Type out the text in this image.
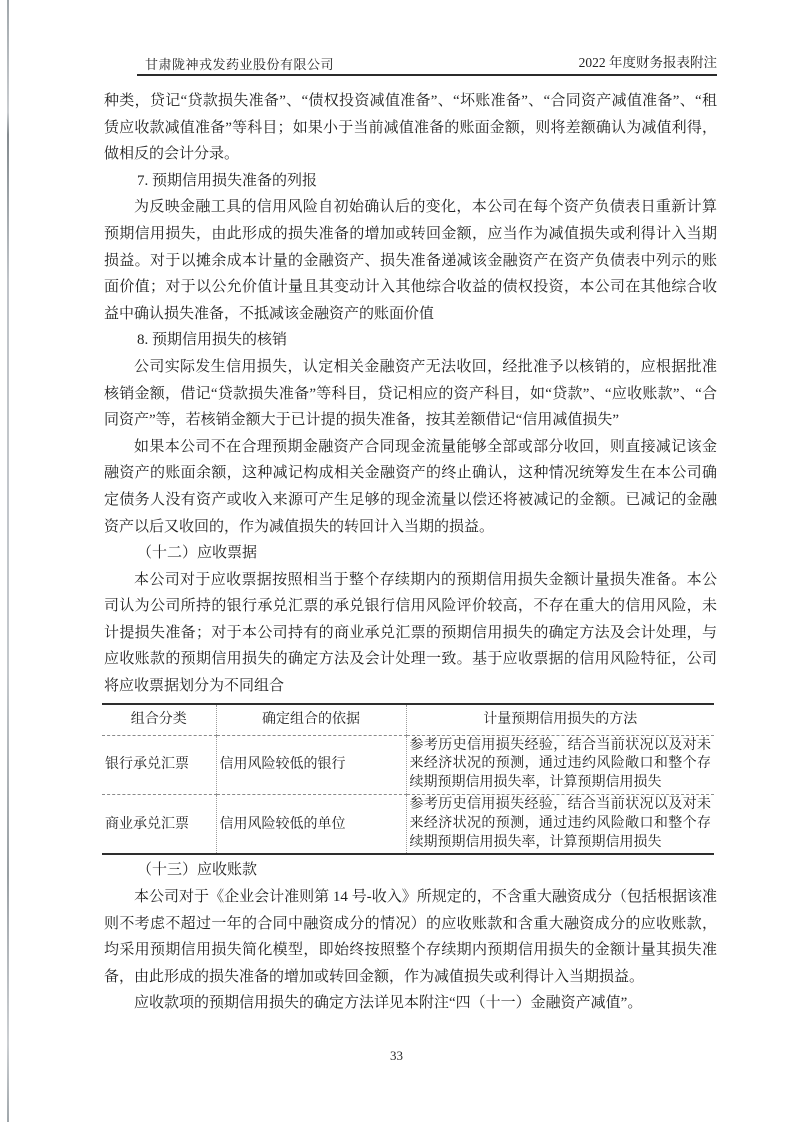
甘肃陇神戎发药业股份有限公司	2022 年度财务报表附注

种类，贷记“贷款损失准备”、“债权投资减值准备”、“坏账准备”、“合同资产减值准备”、“租赁应收款减值准备”等科目；如果小于当前减值准备的账面金额，则将差额确认为减值利得，做相反的会计分录。

7. 预期信用损失准备的列报

为反映金融工具的信用风险自初始确认后的变化，本公司在每个资产负债表日重新计算预期信用损失，由此形成的损失准备的增加或转回金额，应当作为减值损失或利得计入当期损益。对于以摊余成本计量的金融资产、损失准备递减该金融资产在资产负债表中列示的账面价值；对于以公允价值计量且其变动计入其他综合收益的债权投资，本公司在其他综合收益中确认损失准备，不抵减该金融资产的账面价值

8. 预期信用损失的核销

公司实际发生信用损失，认定相关金融资产无法收回，经批准予以核销的，应根据批准核销金额，借记“贷款损失准备”等科目，贷记相应的资产科目，如“贷款”、“应收账款”、“合同资产”等，若核销金额大于已计提的损失准备，按其差额借记“信用减值损失”

如果本公司不在合理预期金融资产合同现金流量能够全部或部分收回，则直接减记该金融资产的账面余额，这种减记构成相关金融资产的终止确认，这种情况统筹发生在本公司确定债务人没有资产或收入来源可产生足够的现金流量以偿还将被减记的金额。已减记的金融资产以后又收回的，作为减值损失的转回计入当期的损益。

（十二）应收票据

本公司对于应收票据按照相当于整个存续期内的预期信用损失金额计量损失准备。本公司认为公司所持的银行承兑汇票的承兑银行信用风险评价较高，不存在重大的信用风险，未计提损失准备；对于本公司持有的商业承兑汇票的预期信用损失的确定方法及会计处理，与应收账款的预期信用损失的确定方法及会计处理一致。基于应收票据的信用风险特征，公司将应收票据划分为不同组合

组合分类	确定组合的依据	计量预期信用损失的方法
银行承兑汇票	信用风险较低的银行	参考历史信用损失经验，结合当前状况以及对未来经济状况的预测，通过违约风险敞口和整个存续期预期信用损失率，计算预期信用损失
商业承兑汇票	信用风险较低的单位	参考历史信用损失经验，结合当前状况以及对未来经济状况的预测，通过违约风险敞口和整个存续期预期信用损失率，计算预期信用损失

（十三）应收账款

本公司对于《企业会计准则第 14 号-收入》所规定的，不含重大融资成分（包括根据该准则不考虑不超过一年的合同中融资成分的情况）的应收账款和含重大融资成分的应收账款，均采用预期信用损失简化模型，即始终按照整个存续期内预期信用损失的金额计量其损失准备，由此形成的损失准备的增加或转回金额，作为减值损失或利得计入当期损益。

应收款项的预期信用损失的确定方法详见本附注“四（十一）金融资产减值”。

33
